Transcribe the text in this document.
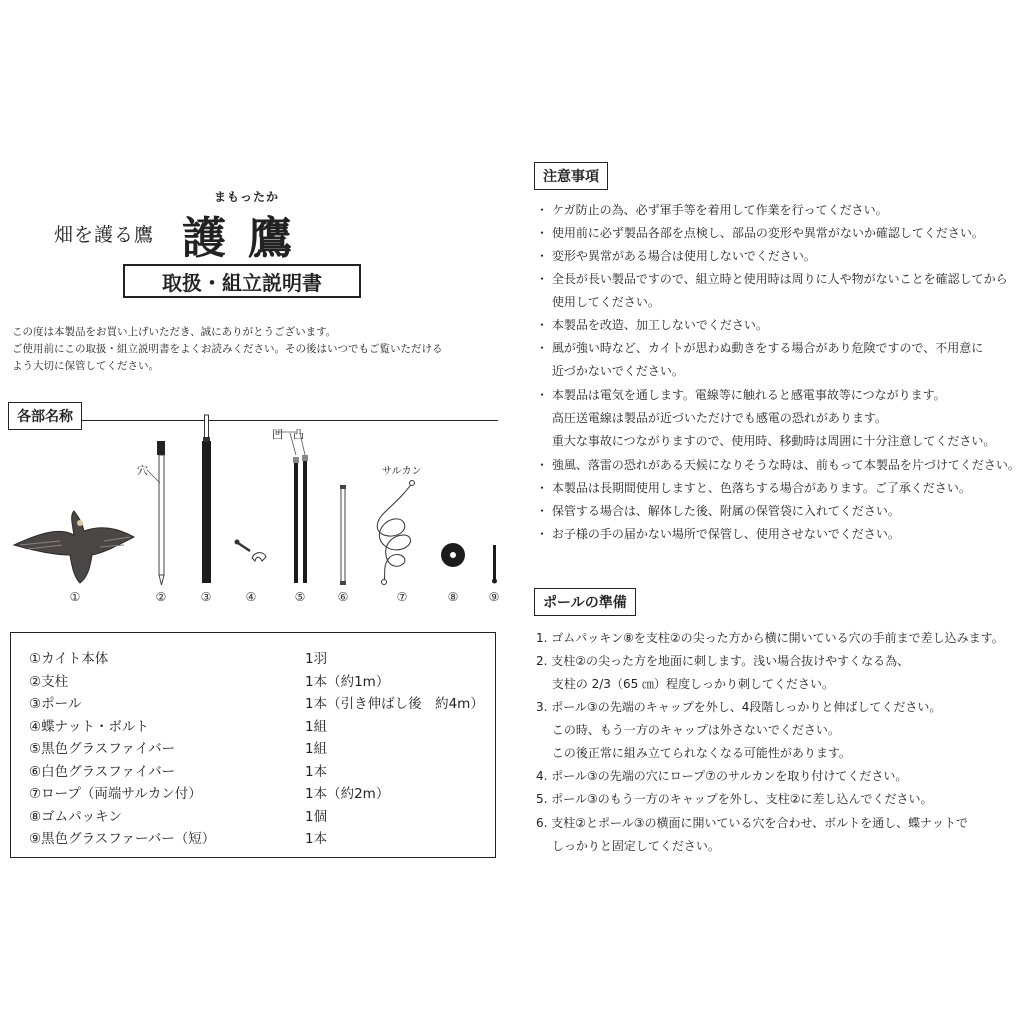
畑を護る鷹
まもったか
護鷹
取扱・組立説明書
この度は本製品をお買い上げいただき、誠にありがとうございます。
ご使用前にこの取扱・組立説明書をよくお読みください。その後はいつでもご覧いただける
よう大切に保管してください。
各部名称
穴
凹 凸
サルカン
①	②	③	④	⑤	⑥	⑦	⑧	⑨
①カイト本体	1羽
②支柱	1本（約1m）
③ポール	1本（引き伸ばし後　約4m）
④蝶ナット・ボルト	1組
⑤黒色グラスファイバー	1組
⑥白色グラスファイバー	1本
⑦ロープ（両端サルカン付）	1本（約2m）
⑧ゴムパッキン	1個
⑨黒色グラスファーバー（短）	1本
注意事項
・ ケガ防止の為、必ず軍手等を着用して作業を行ってください。
・ 使用前に必ず製品各部を点検し、部品の変形や異常がないか確認してください。
・ 変形や異常がある場合は使用しないでください。
・ 全長が長い製品ですので、組立時と使用時は周りに人や物がないことを確認してから
　 使用してください。
・ 本製品を改造、加工しないでください。
・ 風が強い時など、カイトが思わぬ動きをする場合があり危険ですので、不用意に
　 近づかないでください。
・ 本製品は電気を通します。電線等に触れると感電事故等につながります。
　 高圧送電線は製品が近づいただけでも感電の恐れがあります。
　 重大な事故につながりますので、使用時、移動時は周囲に十分注意してください。
・ 強風、落雷の恐れがある天候になりそうな時は、前もって本製品を片づけてください。
・ 本製品は長期間使用しますと、色落ちする場合があります。ご了承ください。
・ 保管する場合は、解体した後、附属の保管袋に入れてください。
・ お子様の手の届かない場所で保管し、使用させないでください。
ポールの準備
1. ゴムパッキン⑧を支柱②の尖った方から横に開いている穴の手前まで差し込みます。
2. 支柱②の尖った方を地面に刺します。浅い場合抜けやすくなる為、
　 支柱の 2/3（65 ㎝）程度しっかり刺してください。
3. ポール③の先端のキャップを外し、4段階しっかりと伸ばしてください。
　 この時、もう一方のキャップは外さないでください。
　 この後正常に組み立てられなくなる可能性があります。
4. ポール③の先端の穴にロープ⑦のサルカンを取り付けてください。
5. ポール③のもう一方のキャップを外し、支柱②に差し込んでください。
6. 支柱②とポール③の横面に開いている穴を合わせ、ボルトを通し、蝶ナットで
　 しっかりと固定してください。
